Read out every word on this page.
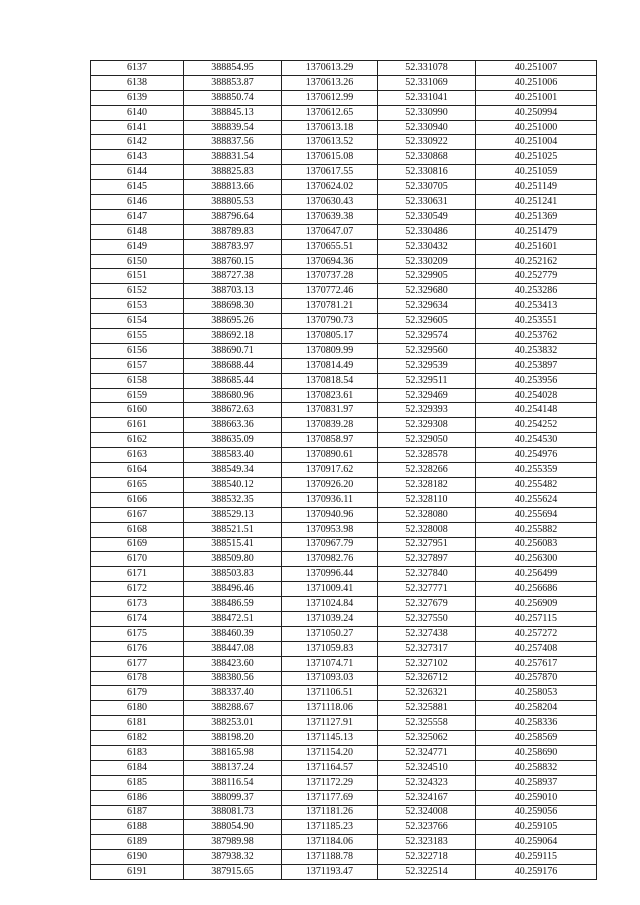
6137	388854.95	1370613.29	52.331078	40.251007
6138	388853.87	1370613.26	52.331069	40.251006
6139	388850.74	1370612.99	52.331041	40.251001
6140	388845.13	1370612.65	52.330990	40.250994
6141	388839.54	1370613.18	52.330940	40.251000
6142	388837.56	1370613.52	52.330922	40.251004
6143	388831.54	1370615.08	52.330868	40.251025
6144	388825.83	1370617.55	52.330816	40.251059
6145	388813.66	1370624.02	52.330705	40.251149
6146	388805.53	1370630.43	52.330631	40.251241
6147	388796.64	1370639.38	52.330549	40.251369
6148	388789.83	1370647.07	52.330486	40.251479
6149	388783.97	1370655.51	52.330432	40.251601
6150	388760.15	1370694.36	52.330209	40.252162
6151	388727.38	1370737.28	52.329905	40.252779
6152	388703.13	1370772.46	52.329680	40.253286
6153	388698.30	1370781.21	52.329634	40.253413
6154	388695.26	1370790.73	52.329605	40.253551
6155	388692.18	1370805.17	52.329574	40.253762
6156	388690.71	1370809.99	52.329560	40.253832
6157	388688.44	1370814.49	52.329539	40.253897
6158	388685.44	1370818.54	52.329511	40.253956
6159	388680.96	1370823.61	52.329469	40.254028
6160	388672.63	1370831.97	52.329393	40.254148
6161	388663.36	1370839.28	52.329308	40.254252
6162	388635.09	1370858.97	52.329050	40.254530
6163	388583.40	1370890.61	52.328578	40.254976
6164	388549.34	1370917.62	52.328266	40.255359
6165	388540.12	1370926.20	52.328182	40.255482
6166	388532.35	1370936.11	52.328110	40.255624
6167	388529.13	1370940.96	52.328080	40.255694
6168	388521.51	1370953.98	52.328008	40.255882
6169	388515.41	1370967.79	52.327951	40.256083
6170	388509.80	1370982.76	52.327897	40.256300
6171	388503.83	1370996.44	52.327840	40.256499
6172	388496.46	1371009.41	52.327771	40.256686
6173	388486.59	1371024.84	52.327679	40.256909
6174	388472.51	1371039.24	52.327550	40.257115
6175	388460.39	1371050.27	52.327438	40.257272
6176	388447.08	1371059.83	52.327317	40.257408
6177	388423.60	1371074.71	52.327102	40.257617
6178	388380.56	1371093.03	52.326712	40.257870
6179	388337.40	1371106.51	52.326321	40.258053
6180	388288.67	1371118.06	52.325881	40.258204
6181	388253.01	1371127.91	52.325558	40.258336
6182	388198.20	1371145.13	52.325062	40.258569
6183	388165.98	1371154.20	52.324771	40.258690
6184	388137.24	1371164.57	52.324510	40.258832
6185	388116.54	1371172.29	52.324323	40.258937
6186	388099.37	1371177.69	52.324167	40.259010
6187	388081.73	1371181.26	52.324008	40.259056
6188	388054.90	1371185.23	52.323766	40.259105
6189	387989.98	1371184.06	52.323183	40.259064
6190	387938.32	1371188.78	52.322718	40.259115
6191	387915.65	1371193.47	52.322514	40.259176
